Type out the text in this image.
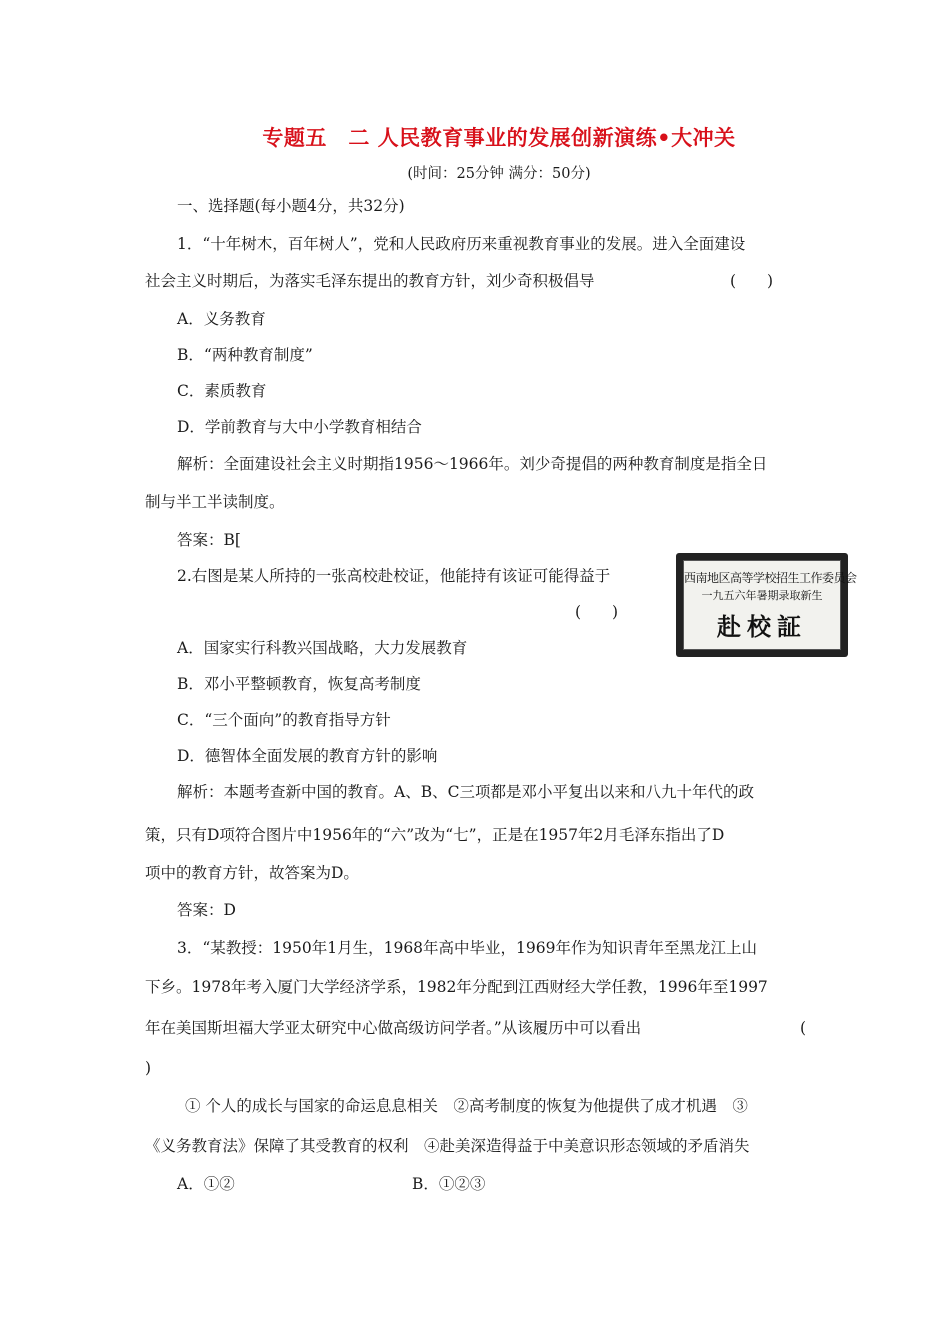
专题五　二 人民教育事业的发展创新演练•大冲关
(时间：25分钟 满分：50分)
一、选择题(每小题4分，共32分)
1．“十年树木，百年树人”，党和人民政府历来重视教育事业的发展。进入全面建设
社会主义时期后，为落实毛泽东提出的教育方针，刘少奇积极倡导	(　　)
A．义务教育
B．“两种教育制度”
C．素质教育
D．学前教育与大中小学教育相结合
解析：全面建设社会主义时期指1956～1966年。刘少奇提倡的两种教育制度是指全日
制与半工半读制度。
答案：B[
2.右图是某人所持的一张高校赴校证，他能持有该证可能得益于
(　　)
西南地区高等学校招生工作委员会
一九五六年暑期录取新生
赴校証
A．国家实行科教兴国战略，大力发展教育
B．邓小平整顿教育，恢复高考制度
C．“三个面向”的教育指导方针
D．德智体全面发展的教育方针的影响
解析：本题考查新中国的教育。A、B、C三项都是邓小平复出以来和八九十年代的政
策，只有D项符合图片中1956年的“六”改为“七”，正是在1957年2月毛泽东指出了D
项中的教育方针，故答案为D。
答案：D
3．“某教授：1950年1月生，1968年高中毕业，1969年作为知识青年至黑龙江上山
下乡。1978年考入厦门大学经济学系，1982年分配到江西财经大学任教，1996年至1997
年在美国斯坦福大学亚太研究中心做高级访问学者。”从该履历中可以看出	(
)
① 个人的成长与国家的命运息息相关　②高考制度的恢复为他提供了成才机遇　③
《义务教育法》保障了其受教育的权利　④赴美深造得益于中美意识形态领域的矛盾消失
A．①②	B．①②③
